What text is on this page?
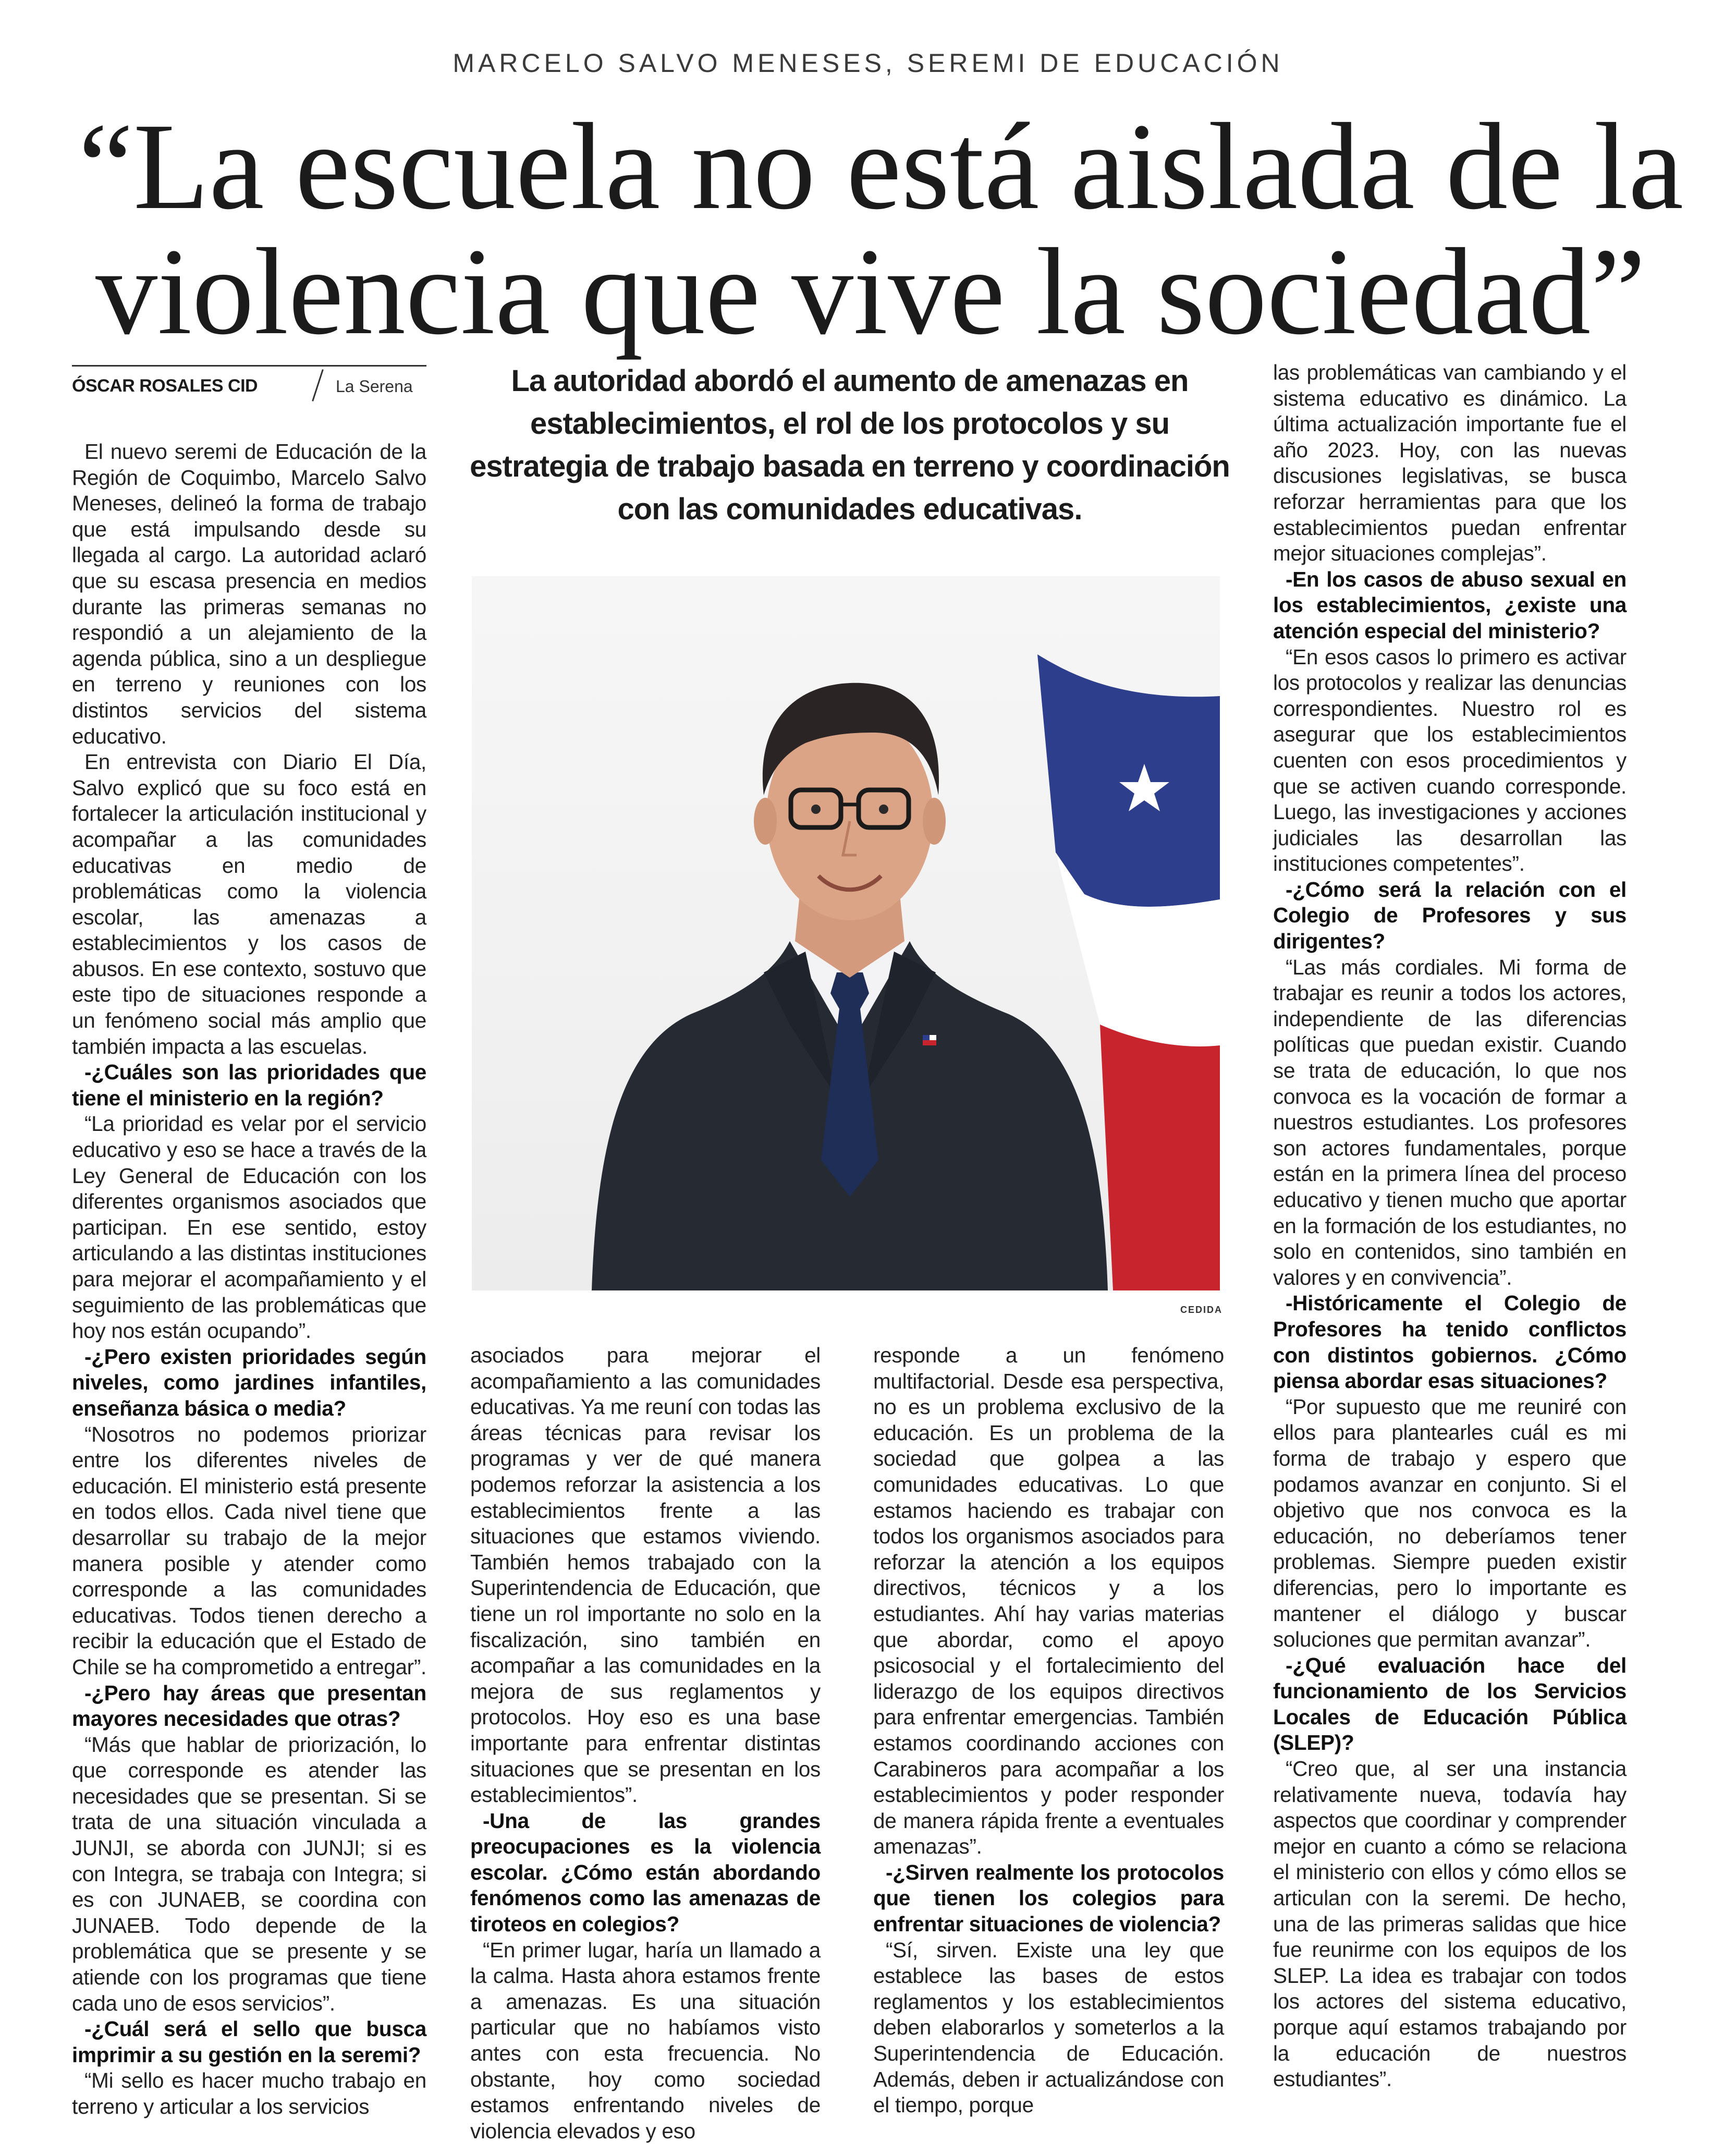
MARCELO SALVO MENESES, SEREMI DE EDUCACIÓN
“La escuela no está aislada de la
violencia que vive la sociedad”
ÓSCAR ROSALES CID	La Serena	La autoridad abordó el aumento de amenazas en establecimientos, el rol de los protocolos y su estrategia de trabajo basada en terreno y coordinación con las comunidades educativas.
CEDIDA

El nuevo seremi de Educación de la Región de Coquimbo, Marcelo Salvo Meneses, delineó la forma de trabajo que está impulsando desde su llegada al cargo. La autoridad aclaró que su escasa presencia en medios durante las primeras semanas no respondió a un alejamiento de la agenda pública, sino a un despliegue en terreno y reuniones con los distintos servicios del sistema educativo.

En entrevista con Diario El Día, Salvo explicó que su foco está en fortalecer la articulación institucional y acompañar a las comunidades educativas en medio de problemáticas como la violencia escolar, las amenazas a establecimientos y los casos de abusos. En ese contexto, sostuvo que este tipo de situaciones responde a un fenómeno social más amplio que también impacta a las escuelas.

-¿Cuáles son las prioridades que tiene el ministerio en la región?

“La prioridad es velar por el servicio educativo y eso se hace a través de la Ley General de Educación con los diferentes organismos asociados que participan. En ese sentido, estoy articulando a las distintas instituciones para mejorar el acompañamiento y el seguimiento de las problemáticas que hoy nos están ocupando”.

-¿Pero existen prioridades según niveles, como jardines infantiles, enseñanza básica o media?

“Nosotros no podemos priorizar entre los diferentes niveles de educación. El ministerio está presente en todos ellos. Cada nivel tiene que desarrollar su trabajo de la mejor manera posible y atender como corresponde a las comunidades educativas. Todos tienen derecho a recibir la educación que el Estado de Chile se ha comprometido a entregar”.

-¿Pero hay áreas que presentan mayores necesidades que otras?

“Más que hablar de priorización, lo que corresponde es atender las necesidades que se presentan. Si se trata de una situación vinculada a JUNJI, se aborda con JUNJI; si es con Integra, se trabaja con Integra; si es con JUNAEB, se coordina con JUNAEB. Todo depende de la problemática que se presente y se atiende con los programas que tiene cada uno de esos servicios”.

-¿Cuál será el sello que busca imprimir a su gestión en la seremi?

“Mi sello es hacer mucho trabajo en terreno y articular a los servicios

asociados para mejorar el acompañamiento a las comunidades educativas. Ya me reuní con todas las áreas técnicas para revisar los programas y ver de qué manera podemos reforzar la asistencia a los establecimientos frente a las situaciones que estamos viviendo. También hemos trabajado con la Superintendencia de Educación, que tiene un rol importante no solo en la fiscalización, sino también en acompañar a las comunidades en la mejora de sus reglamentos y protocolos. Hoy eso es una base importante para enfrentar distintas situaciones que se presentan en los establecimientos”.

-Una de las grandes preocupaciones es la violencia escolar. ¿Cómo están abordando fenómenos como las amenazas de tiroteos en colegios?

“En primer lugar, haría un llamado a la calma. Hasta ahora estamos frente a amenazas. Es una situación particular que no habíamos visto antes con esta frecuencia. No obstante, hoy como sociedad estamos enfrentando niveles de violencia elevados y eso

responde a un fenómeno multifactorial. Desde esa perspectiva, no es un problema exclusivo de la educación. Es un problema de la sociedad que golpea a las comunidades educativas. Lo que estamos haciendo es trabajar con todos los organismos asociados para reforzar la atención a los equipos directivos, técnicos y a los estudiantes. Ahí hay varias materias que abordar, como el apoyo psicosocial y el fortalecimiento del liderazgo de los equipos directivos para enfrentar emergencias. También estamos coordinando acciones con Carabineros para acompañar a los establecimientos y poder responder de manera rápida frente a eventuales amenazas”.

-¿Sirven realmente los protocolos que tienen los colegios para enfrentar situaciones de violencia?

“Sí, sirven. Existe una ley que establece las bases de estos reglamentos y los establecimientos deben elaborarlos y someterlos a la Superintendencia de Educación. Además, deben ir actualizándose con el tiempo, porque

las problemáticas van cambiando y el sistema educativo es dinámico. La última actualización importante fue el año 2023. Hoy, con las nuevas discusiones legislativas, se busca reforzar herramientas para que los establecimientos puedan enfrentar mejor situaciones complejas”.

-En los casos de abuso sexual en los establecimientos, ¿existe una atención especial del ministerio?

“En esos casos lo primero es activar los protocolos y realizar las denuncias correspondientes. Nuestro rol es asegurar que los establecimientos cuenten con esos procedimientos y que se activen cuando corresponde. Luego, las investigaciones y acciones judiciales las desarrollan las instituciones competentes”.

-¿Cómo será la relación con el Colegio de Profesores y sus dirigentes?

“Las más cordiales. Mi forma de trabajar es reunir a todos los actores, independiente de las diferencias políticas que puedan existir. Cuando se trata de educación, lo que nos convoca es la vocación de formar a nuestros estudiantes. Los profesores son actores fundamentales, porque están en la primera línea del proceso educativo y tienen mucho que aportar en la formación de los estudiantes, no solo en contenidos, sino también en valores y en convivencia”.

-Históricamente el Colegio de Profesores ha tenido conflictos con distintos gobiernos. ¿Cómo piensa abordar esas situaciones?

“Por supuesto que me reuniré con ellos para plantearles cuál es mi forma de trabajo y espero que podamos avanzar en conjunto. Si el objetivo que nos convoca es la educación, no deberíamos tener problemas. Siempre pueden existir diferencias, pero lo importante es mantener el diálogo y buscar soluciones que permitan avanzar”.

-¿Qué evaluación hace del funcionamiento de los Servicios Locales de Educación Pública (SLEP)?

“Creo que, al ser una instancia relativamente nueva, todavía hay aspectos que coordinar y comprender mejor en cuanto a cómo se relaciona el ministerio con ellos y cómo ellos se articulan con la seremi. De hecho, una de las primeras salidas que hice fue reunirme con los equipos de los SLEP. La idea es trabajar con todos los actores del sistema educativo, porque aquí estamos trabajando por la educación de nuestros estudiantes”.
